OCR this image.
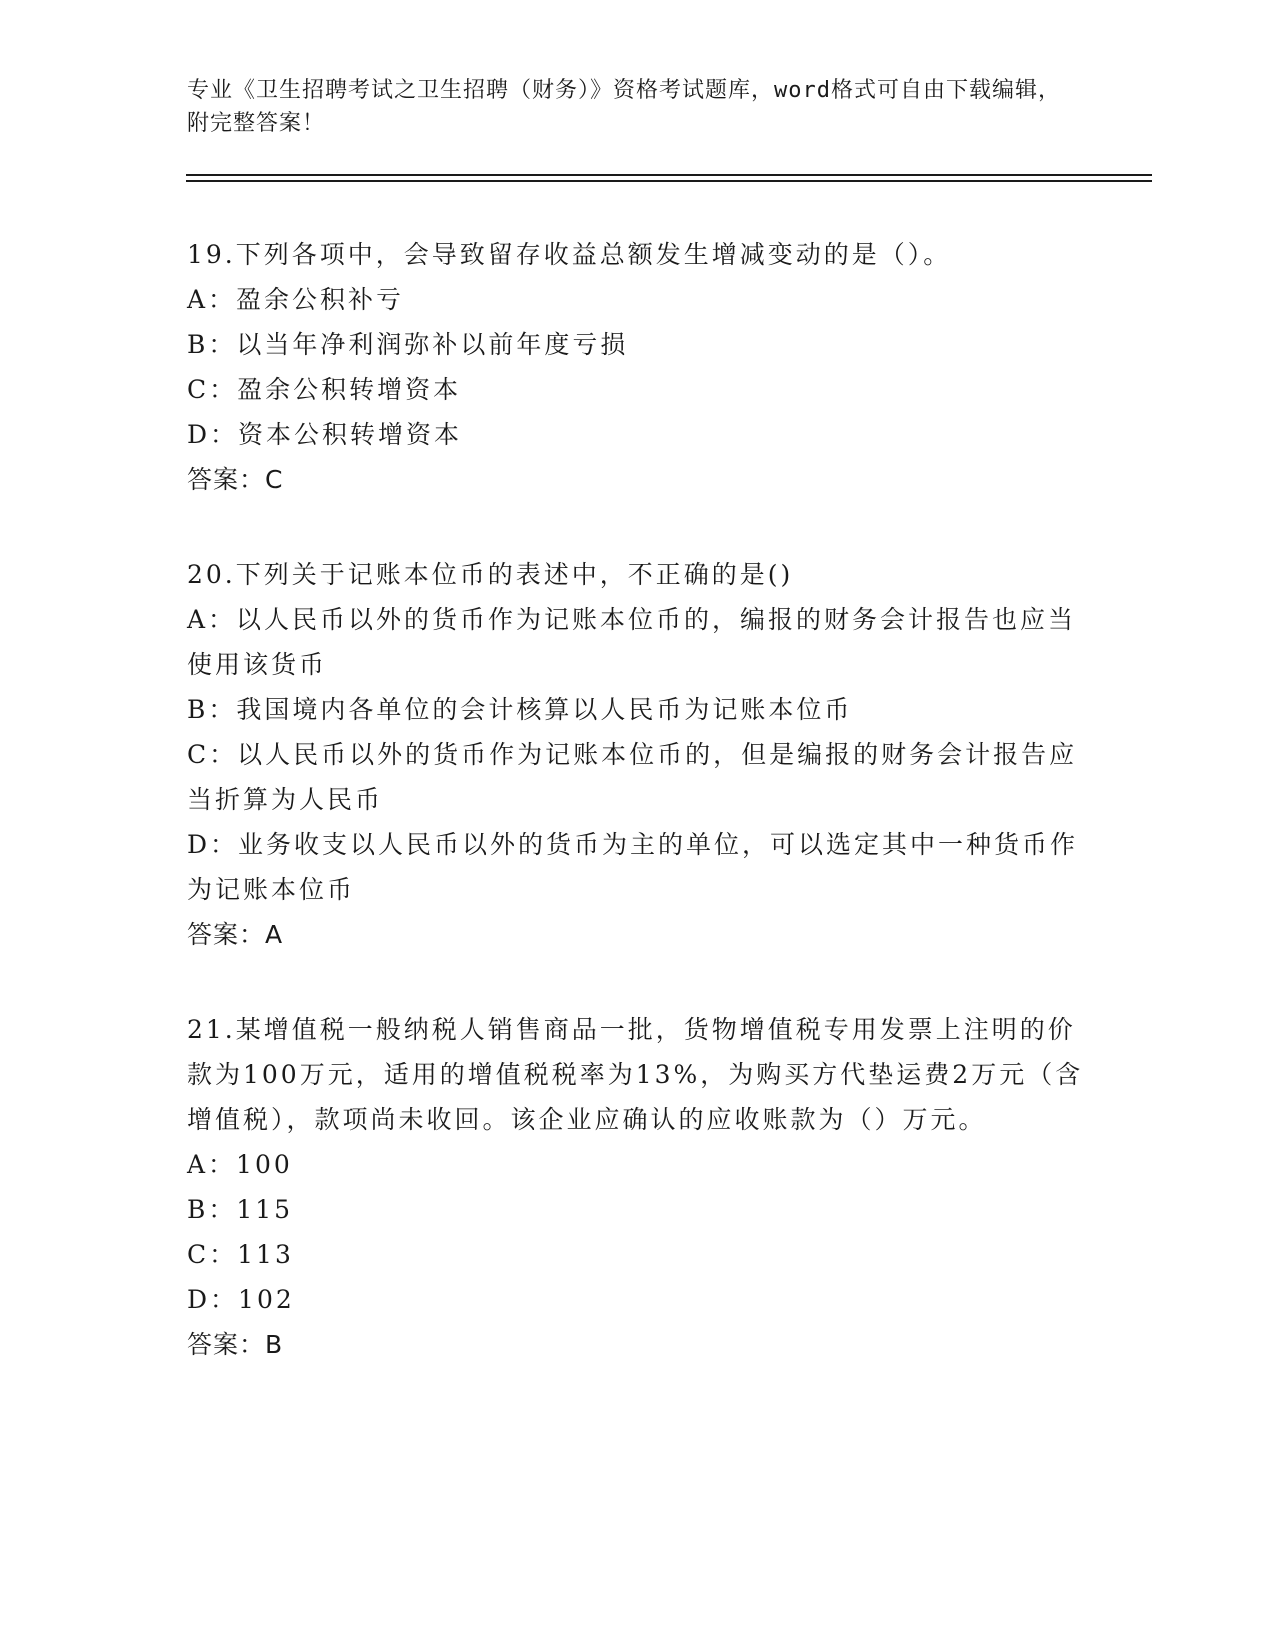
专业《卫生招聘考试之卫生招聘（财务）》资格考试题库，word格式可自由下载编辑，附完整答案！
19.下列各项中，会导致留存收益总额发生增减变动的是（）。
A：盈余公积补亏
B：以当年净利润弥补以前年度亏损
C：盈余公积转增资本
D：资本公积转增资本
答案：C
20.下列关于记账本位币的表述中，不正确的是()
A：以人民币以外的货币作为记账本位币的，编报的财务会计报告也应当使用该货币
B：我国境内各单位的会计核算以人民币为记账本位币
C：以人民币以外的货币作为记账本位币的，但是编报的财务会计报告应当折算为人民币
D：业务收支以人民币以外的货币为主的单位，可以选定其中一种货币作为记账本位币
答案：A
21.某增值税一般纳税人销售商品一批，货物增值税专用发票上注明的价款为100万元，适用的增值税税率为13%，为购买方代垫运费2万元（含增值税），款项尚未收回。该企业应确认的应收账款为（）万元。
A：100
B：115
C：113
D：102
答案：B
